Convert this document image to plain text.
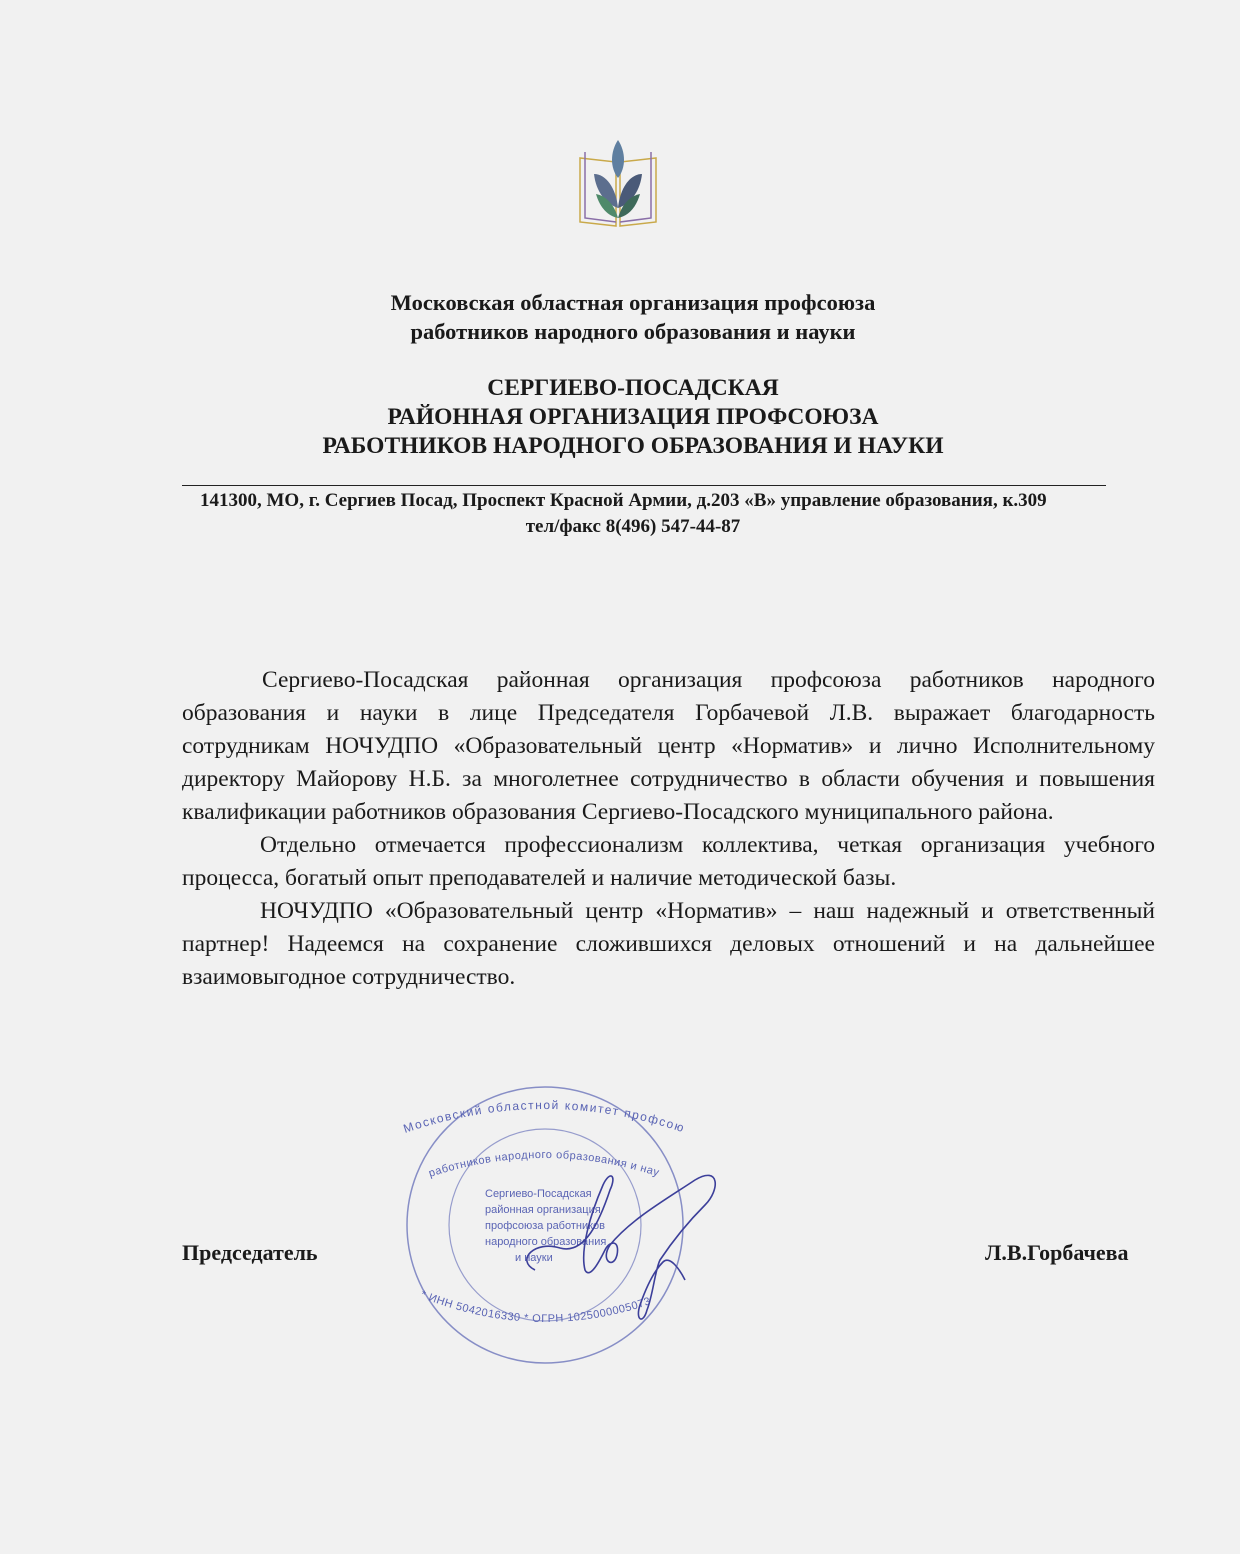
Московская областная организация профсоюза
работников народного образования и науки
СЕРГИЕВО-ПОСАДСКАЯ
РАЙОННАЯ ОРГАНИЗАЦИЯ ПРОФСОЮЗА
РАБОТНИКОВ НАРОДНОГО ОБРАЗОВАНИЯ И НАУКИ
141300, МО, г. Сергиев Посад, Проспект Красной Армии, д.203 «В» управление образования, к.309
тел/факс 8(496) 547-44-87

Сергиево-Посадская районная организация профсоюза работников народного образования и науки в лице Председателя Горбачевой Л.В. выражает благодарность сотрудникам НОЧУДПО «Образовательный центр «Норматив» и лично Исполнительному директору Майорову Н.Б. за многолетнее сотрудничество в области обучения и повышения квалификации работников образования Сергиево-Посадского муниципального района.

Отдельно отмечается профессионализм коллектива, четкая организация учебного процесса, богатый опыт преподавателей и наличие методической базы.

НОЧУДПО «Образовательный центр «Норматив» – наш надежный и ответственный партнер! Надеемся на сохранение сложившихся деловых отношений и на дальнейшее взаимовыгодное сотрудничество.

Председатель	Л.В.Горбачева
Московский областной комитет профсою
работников народного образования и нау
* ИНН 5042016330 * ОГРН 1025000005073
Сергиево-Посадская
районная организация
профсоюза работников
народного образования
и науки
